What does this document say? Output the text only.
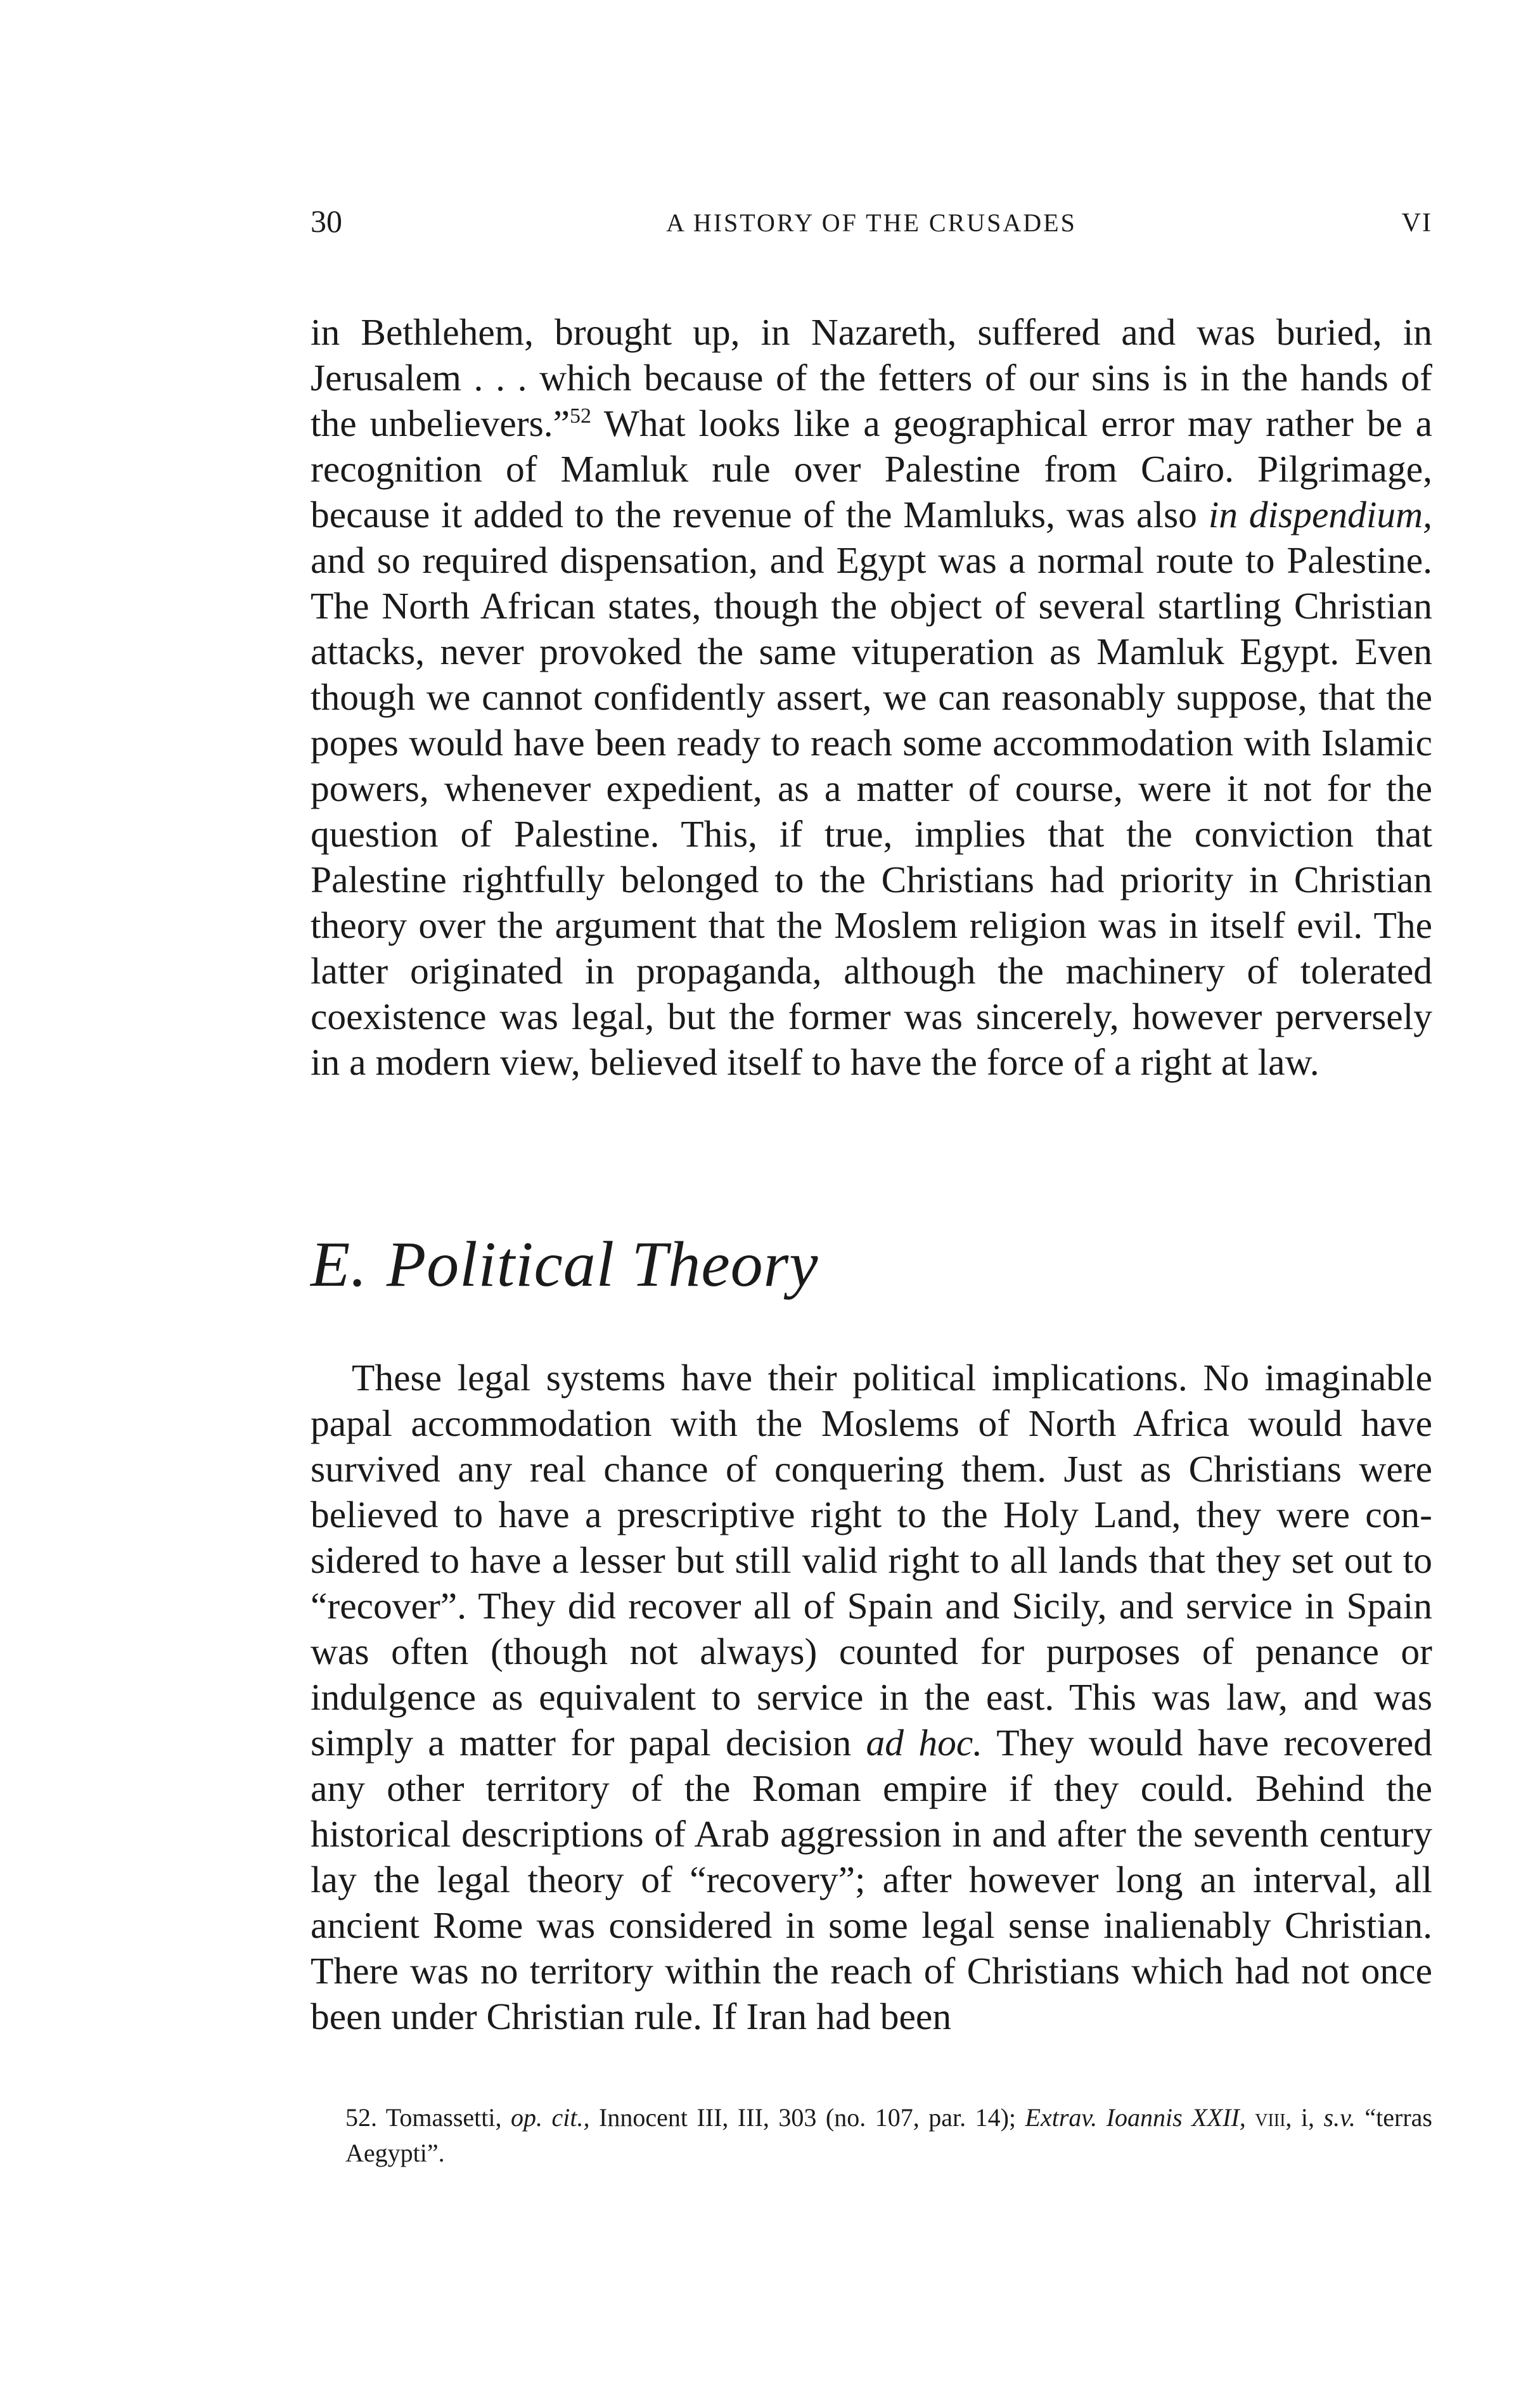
30	A HISTORY OF THE CRUSADES	VI

in Bethlehem, brought up, in Nazareth, suffered and was buried, in Jerusalem . . . which because of the fetters of our sins is in the hands of the unbelievers.”$^{52}$ What looks like a geographical error may rather be a recognition of Mamluk rule over Palestine from Cairo. Pilgrimage, because it added to the revenue of the Mamluks, was also in dispendium, and so required dispensation, and Egypt was a normal route to Palestine. The North African states, though the object of several startling Christian attacks, never provoked the same vituperation as Mamluk Egypt. Even though we cannot confidently assert, we can reasonably suppose, that the popes would have been ready to reach some accommodation with Islamic powers, whenever expedient, as a matter of course, were it not for the question of Palestine. This, if true, implies that the conviction that Palestine rightfully belonged to the Christians had priority in Christian theory over the argument that the Moslem religion was in itself evil. The latter originated in propaganda, although the machinery of tolerated coexistence was legal, but the former was sincerely, however perversely in a modern view, believed itself to have the force of a right at law.

E. Political Theory

These legal systems have their political implications. No imaginable papal accommodation with the Moslems of North Africa would have survived any real chance of conquering them. Just as Christians were believed to have a prescriptive right to the Holy Land, they were considered to have a lesser but still valid right to all lands that they set out to “recover”. They did recover all of Spain and Sicily, and service in Spain was often (though not always) counted for purposes of penance or indulgence as equivalent to service in the east. This was law, and was simply a matter for papal decision ad hoc. They would have recovered any other territory of the Roman empire if they could. Behind the historical descriptions of Arab aggression in and after the seventh century lay the legal theory of “recovery”; after however long an interval, all ancient Rome was considered in some legal sense inalienably Christian. There was no territory within the reach of Christians which had not once been under Christian rule. If Iran had been

52. Tomassetti, op. cit., Innocent III, III, 303 (no. 107, par. 14); Extrav. Ioannis XXII, viii, i, s.v. “terras Aegypti”.
